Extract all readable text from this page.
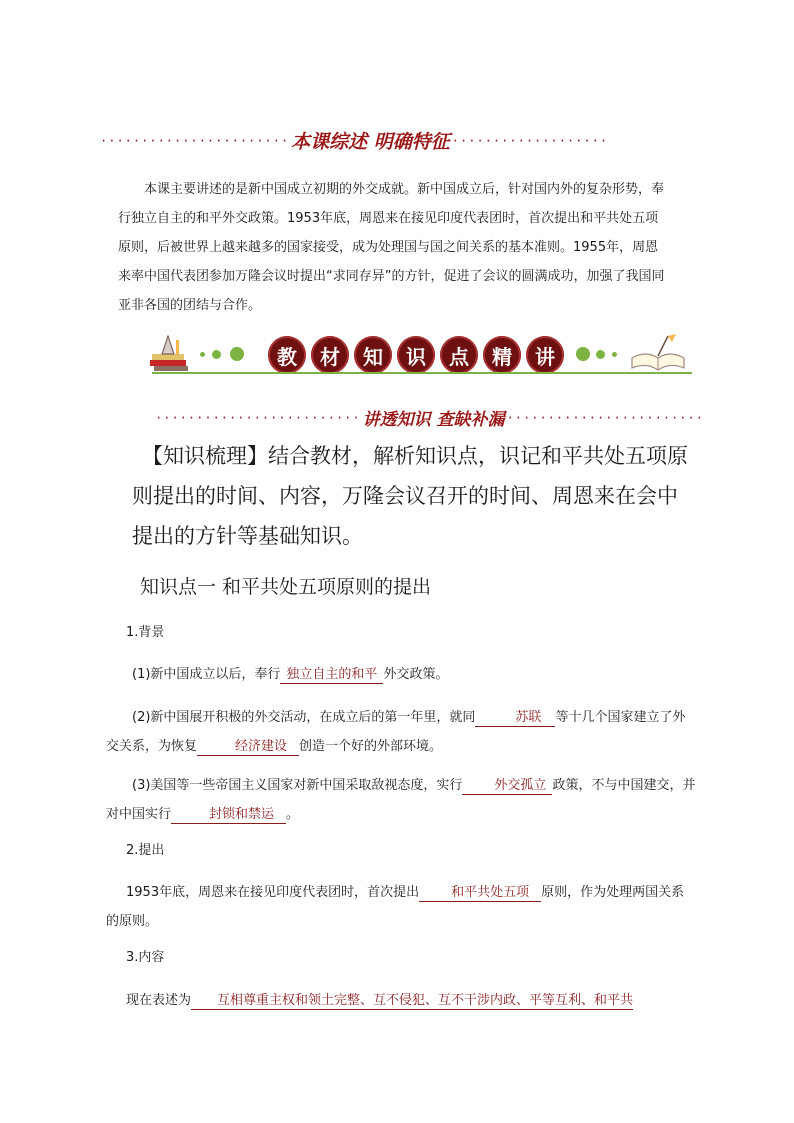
······················· 本课综述 明确特征 ···················
本课主要讲述的是新中国成立初期的外交成就。新中国成立后，针对国内外的复杂形势，奉行独立自主的和平外交政策。1953年底，周恩来在接见印度代表团时，首次提出和平共处五项原则，后被世界上越来越多的国家接受，成为处理国与国之间关系的基本准则。1955年，周恩来率中国代表团参加万隆会议时提出“求同存异”的方针，促进了会议的圆满成功，加强了我国同亚非各国的团结与合作。
教	材	知	识	点	精	讲
························· 讲透知识 查缺补漏 ························
【知识梳理】结合教材，解析知识点，识记和平共处五项原则提出的时间、内容，万隆会议召开的时间、周恩来在会中提出的方针等基础知识。
知识点一 和平共处五项原则的提出
1.背景
(1)新中国成立以后，奉行 独立自主的和平 外交政策。
(2)新中国展开积极的外交活动，在成立后的第一年里，就同	苏联 等十几个国家建立了外交关系，为恢复	经济建设 创造一个好的外部环境。
(3)美国等一些帝国主义国家对新中国采取敌视态度，实行 外交孤立 政策，不与中国建交，并对中国实行	封锁和禁运 。
2.提出
1953年底，周恩来在接见印度代表团时，首次提出 和平共处五项 原则，作为处理两国关系的原则。
3.内容
现在表述为 互相尊重主权和领土完整、互不侵犯、互不干涉内政、平等互利、和平共
